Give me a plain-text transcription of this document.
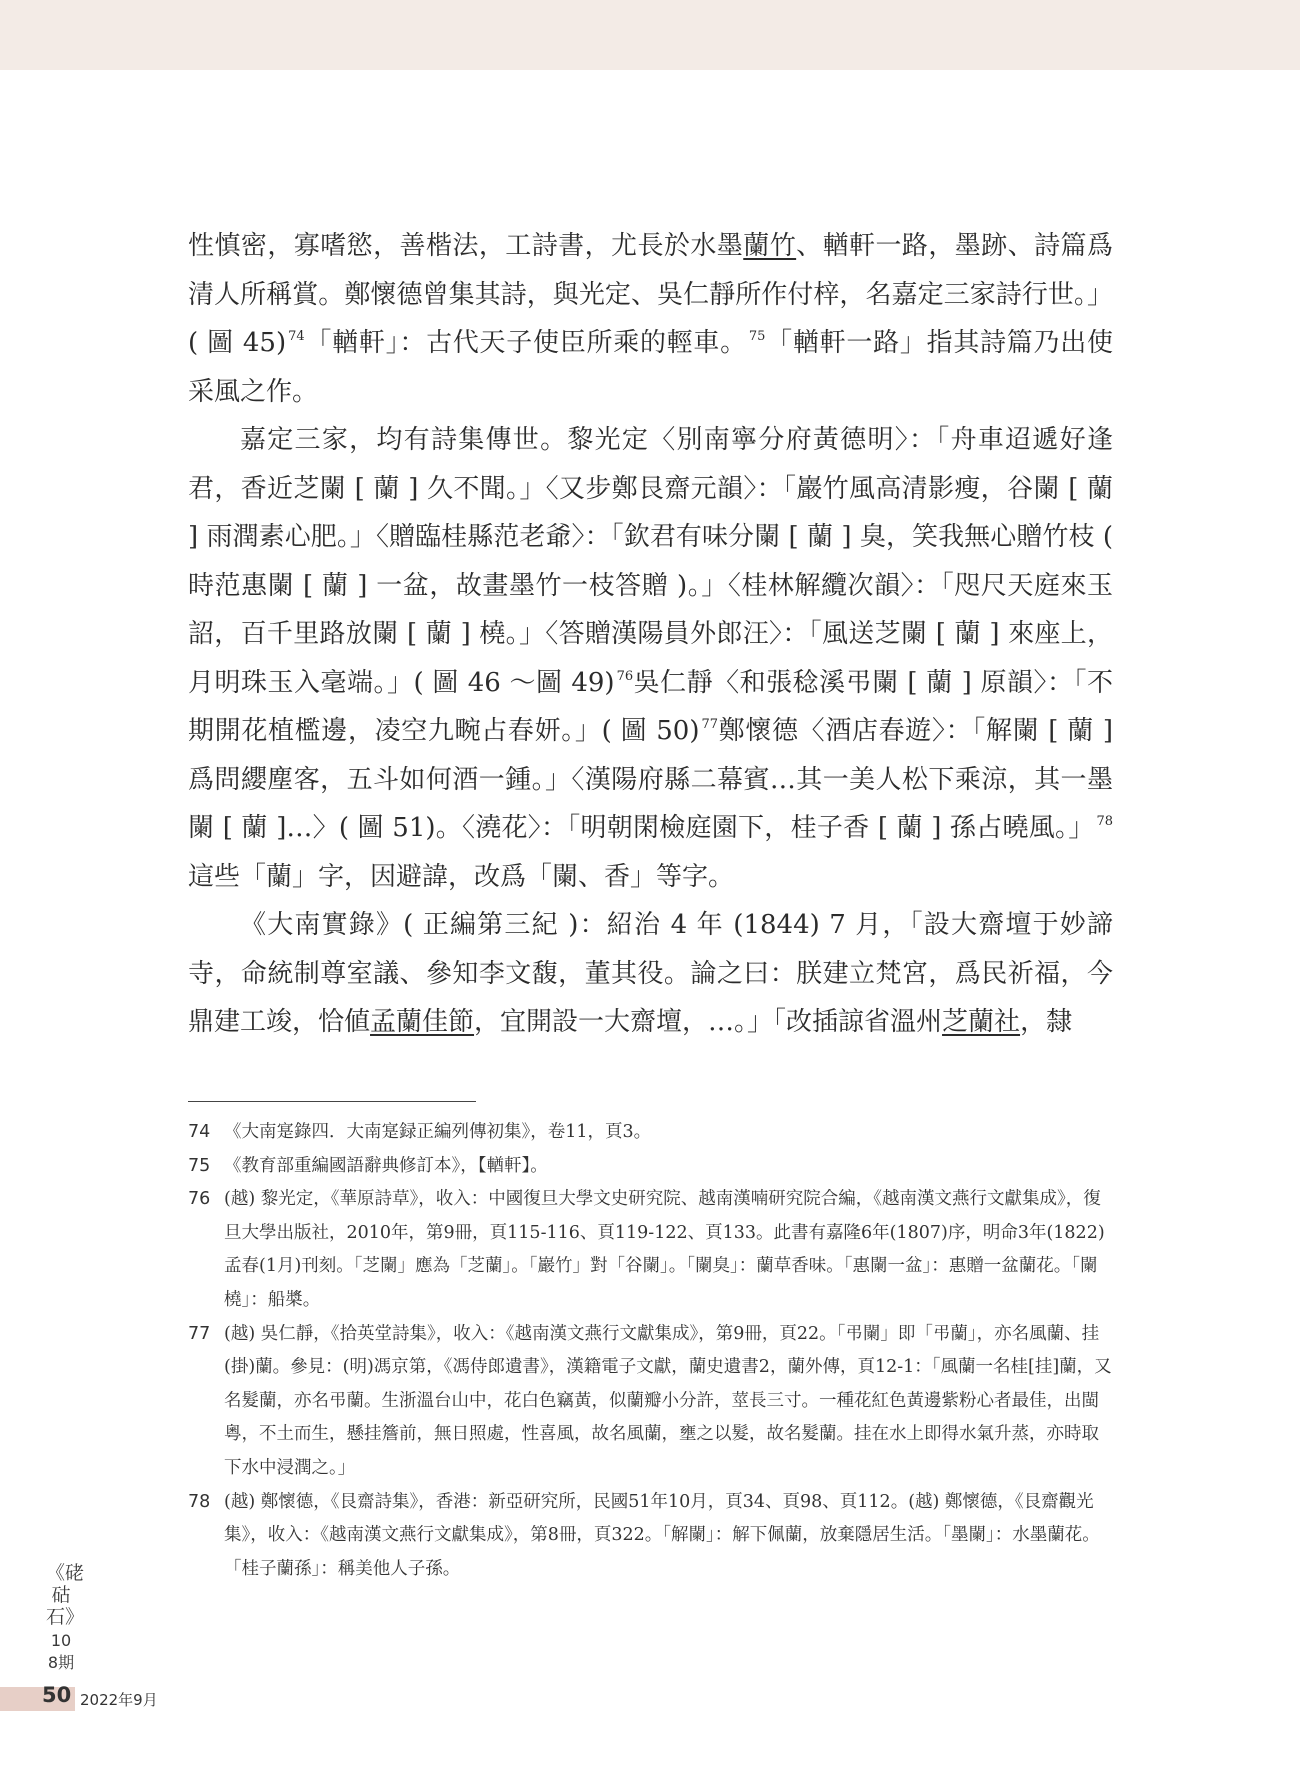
性慎密，寡嗜慾，善楷法，工詩書，尤長於水墨蘭竹、輶軒一路，墨跡、詩篇爲清人所稱賞。鄭懷德曾集其詩，與光定、吳仁靜所作付梓，名嘉定三家詩行世。」( 圖 45) $^{74}$「輶軒」：古代天子使臣所乘的輕車。 $^{75}$「輶軒一路」指其詩篇乃出使采風之作。

嘉定三家，均有詩集傳世。黎光定〈別南寧分府黃德明〉：「舟車迢遞好逢君，香近芝闌 [ 蘭 ] 久不聞。」〈又步鄭艮齋元韻〉：「巖竹風高清影瘦，谷闌 [ 蘭 ] 雨潤素心肥。」〈贈臨桂縣范老爺〉：「欽君有味分闌 [ 蘭 ] 臭，笑我無心贈竹枝 ( 時范惠闌 [ 蘭 ] 一盆，故畫墨竹一枝答贈 )。」〈桂林解纜次韻〉：「咫尺天庭來玉詔，百千里路放闌 [ 蘭 ] 橈。」〈答贈漢陽員外郎汪〉：「風送芝闌 [ 蘭 ] 來座上，月明珠玉入毫端。」( 圖 46 ～圖 49) $^{76}$吳仁靜〈和張稔溪弔闌 [ 蘭 ] 原韻〉：「不期開花植檻邊，凌空九畹占春妍。」( 圖 50) $^{77}$鄭懷德〈酒店春遊〉：「解闌 [ 蘭 ] 爲問纓塵客，五斗如何酒一鍾。」〈漢陽府縣二幕賓…其一美人松下乘涼，其一墨闌 [ 蘭 ]…〉( 圖 51)。〈澆花〉：「明朝閑檢庭園下，桂子香 [ 蘭 ] 孫占曉風。」 $^{78}$這些「蘭」字，因避諱，改爲「闌、香」等字。

《大南實錄》( 正編第三紀 )：紹治 4 年 (1844) 7 月，「設大齋壇于妙諦寺，命統制尊室議、參知李文馥，董其役。論之曰：朕建立梵宮，爲民祈福，今鼎建工竣，恰値孟蘭佳節，宜開設一大齋壇，…。」「改插諒省溫州芝蘭社，隸

74 《大南寔錄四．大南寔録正編列傳初集》，卷11，頁3。

75 《教育部重編國語辭典修訂本》，【輶軒】。

76 (越) 黎光定，《華原詩草》，收入：中國復旦大學文史研究院、越南漢喃研究院合編，《越南漢文燕行文獻集成》，復旦大學出版社，2010年，第9冊，頁115-116、頁119-122、頁133。此書有嘉隆6年(1807)序，明命3年(1822)孟春(1月)刊刻。「芝闌」應為「芝蘭」。「巖竹」對「谷闌」。「闌臭」：蘭草香味。「惠闌一盆」：惠贈一盆蘭花。「闌橈」：船槳。

77 (越) 吳仁靜，《拾英堂詩集》，收入：《越南漢文燕行文獻集成》，第9冊，頁22。「弔闌」即「弔蘭」，亦名風蘭、挂(掛)蘭。參見：(明)馮京第，《馮侍郎遺書》，漢籍電子文獻，蘭史遺書2，蘭外傳，頁12-1：「風蘭一名桂[挂]蘭，又名髮蘭，亦名弔蘭。生浙溫台山中，花白色竊黃，似蘭瓣小分許，莖長三寸。一種花紅色黃邊紫粉心者最佳，出閩粵，不土而生，懸挂簷前，無日照處，性喜風，故名風蘭，壅之以髮，故名髮蘭。挂在水上即得水氣升蒸，亦時取下水中浸潤之。」

78 (越) 鄭懷德，《艮齋詩集》，香港：新亞研究所，民國51年10月，頁34、頁98、頁112。(越) 鄭懷德，《艮齋觀光集》，收入：《越南漢文燕行文獻集成》，第8冊，頁322。「解闌」：解下佩蘭，放棄隱居生活。「墨闌」：水墨蘭花。「桂子蘭孫」：稱美他人子孫。

《硓𥑮石》
108期
50 2022年9月
